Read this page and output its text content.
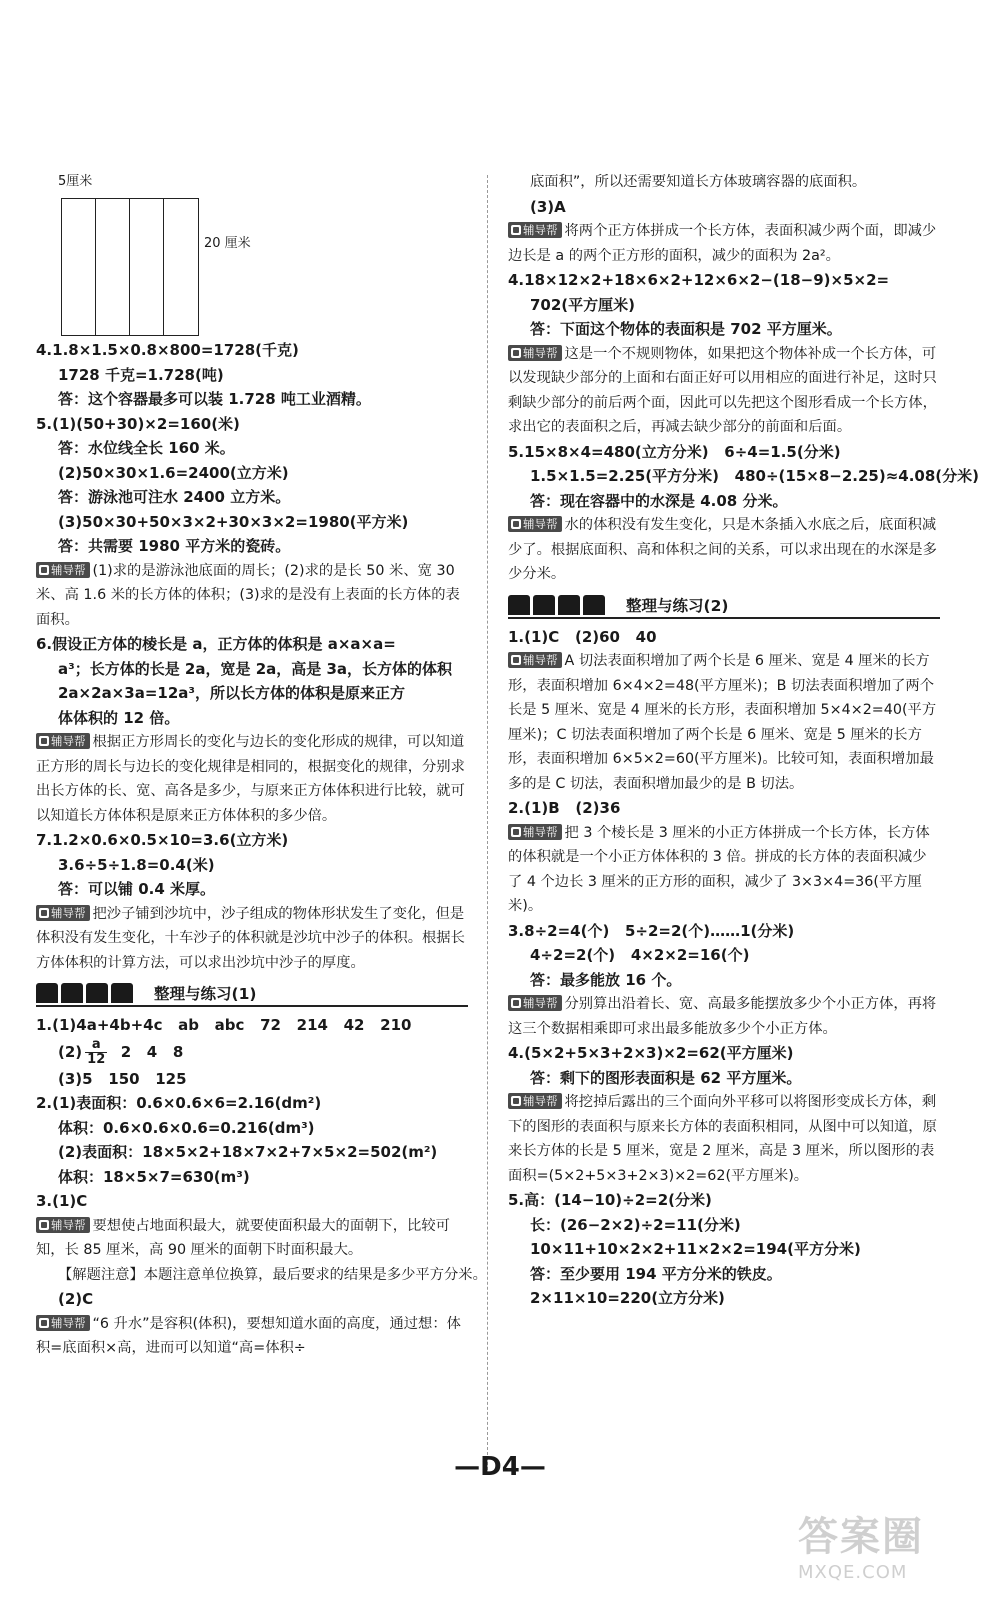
5厘米
20 厘米
4.1.8×1.5×0.8×800=1728(千克)
1728 千克=1.728(吨)
答：这个容器最多可以装 1.728 吨工业酒精。
5.(1)(50+30)×2=160(米)
答：水位线全长 160 米。
(2)50×30×1.6=2400(立方米)
答：游泳池可注水 2400 立方米。
(3)50×30+50×3×2+30×3×2=1980(平方米)
答：共需要 1980 平方米的瓷砖。
辅导帮 (1)求的是游泳池底面的周长；(2)求的是长 50 米、宽 30 米、高 1.6 米的长方体的体积；(3)求的是没有上表面的长方体的表面积。
6.假设正方体的棱长是 a，正方体的体积是 a×a×a=
a³；长方体的长是 2a，宽是 2a，高是 3a，长方体的体积
2a×2a×3a=12a³，所以长方体的体积是原来正方
体体积的 12 倍。
辅导帮 根据正方形周长的变化与边长的变化形成的规律，可以知道正方形的周长与边长的变化规律是相同的，根据变化的规律，分别求出长方体的长、宽、高各是多少，与原来正方体体积进行比较，就可以知道长方体体积是原来正方体体积的多少倍。
7.1.2×0.6×0.5×10=3.6(立方米)
3.6÷5÷1.8=0.4(米)
答：可以铺 0.4 米厚。
辅导帮 把沙子铺到沙坑中，沙子组成的物体形状发生了变化，但是体积没有发生变化，十车沙子的体积就是沙坑中沙子的体积。根据长方体体积的计算方法，可以求出沙坑中沙子的厚度。
整理与练习(1)
1.(1)4a+4b+4c   ab   abc   72   214   42   210
$(2) \frac{a}{12} 2$   4   8
(3)5   150   125
2.(1)表面积：0.6×0.6×6=2.16(dm²)
体积：0.6×0.6×0.6=0.216(dm³)
(2)表面积：18×5×2+18×7×2+7×5×2=502(m²)
体积：18×5×7=630(m³)
3.(1)C
辅导帮 要想使占地面积最大，就要使面积最大的面朝下，比较可知，长 85 厘米，高 90 厘米的面朝下时面积最大。
【解题注意】本题注意单位换算，最后要求的结果是多少平方分米。
(2)C
辅导帮 “6 升水”是容积(体积)，要想知道水面的高度，通过想：体积=底面积×高，进而可以知道“高=体积÷
底面积”，所以还需要知道长方体玻璃容器的底面积。
(3)A
辅导帮 将两个正方体拼成一个长方体，表面积减少两个面，即减少边长是 a 的两个正方形的面积，减少的面积为 2a²。
4.18×12×2+18×6×2+12×6×2−(18−9)×5×2=
702(平方厘米)
答：下面这个物体的表面积是 702 平方厘米。
辅导帮 这是一个不规则物体，如果把这个物体补成一个长方体，可以发现缺少部分的上面和右面正好可以用相应的面进行补足，这时只剩缺少部分的前后两个面，因此可以先把这个图形看成一个长方体，求出它的表面积之后，再减去缺少部分的前面和后面。
5.15×8×4=480(立方分米)   6÷4=1.5(分米)
1.5×1.5=2.25(平方分米)   480÷(15×8−2.25)≈4.08(分米)
答：现在容器中的水深是 4.08 分米。
辅导帮 水的体积没有发生变化，只是木条插入水底之后，底面积减少了。根据底面积、高和体积之间的关系，可以求出现在的水深是多少分米。
整理与练习(2)
1.(1)C   (2)60   40
辅导帮 A 切法表面积增加了两个长是 6 厘米、宽是 4 厘米的长方形，表面积增加 6×4×2=48(平方厘米)；B 切法表面积增加了两个长是 5 厘米、宽是 4 厘米的长方形，表面积增加 5×4×2=40(平方厘米)；C 切法表面积增加了两个长是 6 厘米、宽是 5 厘米的长方形，表面积增加 6×5×2=60(平方厘米)。比较可知，表面积增加最多的是 C 切法，表面积增加最少的是 B 切法。
2.(1)B   (2)36
辅导帮 把 3 个棱长是 3 厘米的小正方体拼成一个长方体，长方体的体积就是一个小正方体体积的 3 倍。拼成的长方体的表面积减少了 4 个边长 3 厘米的正方形的面积，减少了 3×3×4=36(平方厘米)。
3.8÷2=4(个)   5÷2=2(个)……1(分米)
4÷2=2(个)   4×2×2=16(个)
答：最多能放 16 个。
辅导帮 分别算出沿着长、宽、高最多能摆放多少个小正方体，再将这三个数据相乘即可求出最多能放多少个小正方体。
4.(5×2+5×3+2×3)×2=62(平方厘米)
答：剩下的图形表面积是 62 平方厘米。
辅导帮 将挖掉后露出的三个面向外平移可以将图形变成长方体，剩下的图形的表面积与原来长方体的表面积相同，从图中可以知道，原来长方体的长是 5 厘米，宽是 2 厘米，高是 3 厘米，所以图形的表面积=(5×2+5×3+2×3)×2=62(平方厘米)。
5.高：(14−10)÷2=2(分米)
长：(26−2×2)÷2=11(分米)
10×11+10×2×2+11×2×2=194(平方分米)
答：至少要用 194 平方分米的铁皮。
2×11×10=220(立方分米)
—D4—
答案圈
MXQE.COM
